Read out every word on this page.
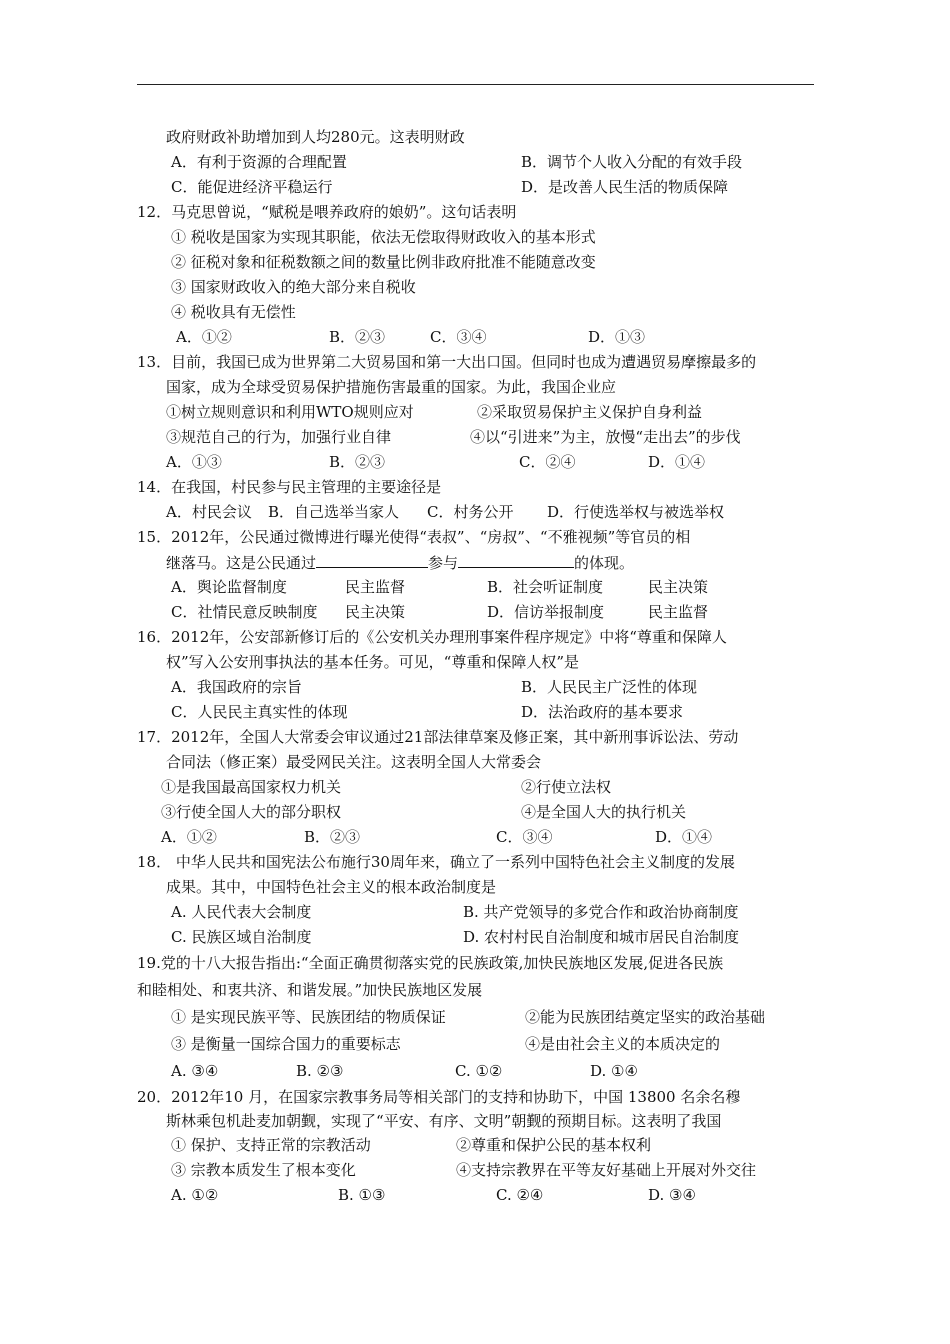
政府财政补助增加到人均280元。这表明财政
A．有利于资源的合理配置	B．调节个人收入分配的有效手段
C．能促进经济平稳运行	D．是改善人民生活的物质保障
12．马克思曾说，“赋税是喂养政府的娘奶”。这句话表明
① 税收是国家为实现其职能，依法无偿取得财政收入的基本形式
② 征税对象和征税数额之间的数量比例非政府批准不能随意改变
③ 国家财政收入的绝大部分来自税收
④ 税收具有无偿性
A．①②	B．②③	C．③④	D．①③
13．目前，我国已成为世界第二大贸易国和第一大出口国。但同时也成为遭遇贸易摩擦最多的
国家，成为全球受贸易保护措施伤害最重的国家。为此，我国企业应
①树立规则意识和利用WTO规则应对	②采取贸易保护主义保护自身利益
③规范自己的行为，加强行业自律	④以“引进来”为主，放慢“走出去”的步伐
A．①③	B．②③	C．②④	D．①④
14．在我国，村民参与民主管理的主要途径是
A．村民会议 B．自己选举当家人 C．村务公开 D．行使选举权与被选举权
15．2012年，公民通过微博进行曝光使得“表叔”、“房叔”、“不雅视频”等官员的相
继落马。这是公民通过	参与	的体现。
A．舆论监督制度	民主监督	B．社会听证制度	民主决策
C．社情民意反映制度 民主决策	D．信访举报制度	民主监督
16．2012年，公安部新修订后的《公安机关办理刑事案件程序规定》中将“尊重和保障人
权”写入公安刑事执法的基本任务。可见，“尊重和保障人权”是
A．我国政府的宗旨	B．人民民主广泛性的体现
C．人民民主真实性的体现	D．法治政府的基本要求
17．2012年，全国人大常委会审议通过21部法律草案及修正案，其中新刑事诉讼法、劳动
合同法（修正案）最受网民关注。这表明全国人大常委会
①是我国最高国家权力机关	②行使立法权
③行使全国人大的部分职权	④是全国人大的执行机关
A．①②	B．②③	C．③④	D．①④
18． 中华人民共和国宪法公布施行30周年来，确立了一系列中国特色社会主义制度的发展
成果。其中，中国特色社会主义的根本政治制度是
A. 人民代表大会制度	B. 共产党领导的多党合作和政治协商制度
C. 民族区域自治制度	D. 农村村民自治制度和城市居民自治制度
19.党的十八大报告指出:“全面正确贯彻落实党的民族政策,加快民族地区发展,促进各民族
和睦相处、和衷共济、和谐发展。”加快民族地区发展
① 是实现民族平等、民族团结的物质保证	②能为民族团结奠定坚实的政治基础
③ 是衡量一国综合国力的重要标志	④是由社会主义的本质决定的
A. ③④	B. ②③	C. ①②	D. ①④
20．2012年10 月，在国家宗教事务局等相关部门的支持和协助下，中国 13800 名余名穆
斯林乘包机赴麦加朝觐，实现了“平安、有序、文明”朝觐的预期目标。这表明了我国
① 保护、支持正常的宗教活动	②尊重和保护公民的基本权利
③ 宗教本质发生了根本变化	④支持宗教界在平等友好基础上开展对外交往
A. ①②	B. ①③	C. ②④	D. ③④
